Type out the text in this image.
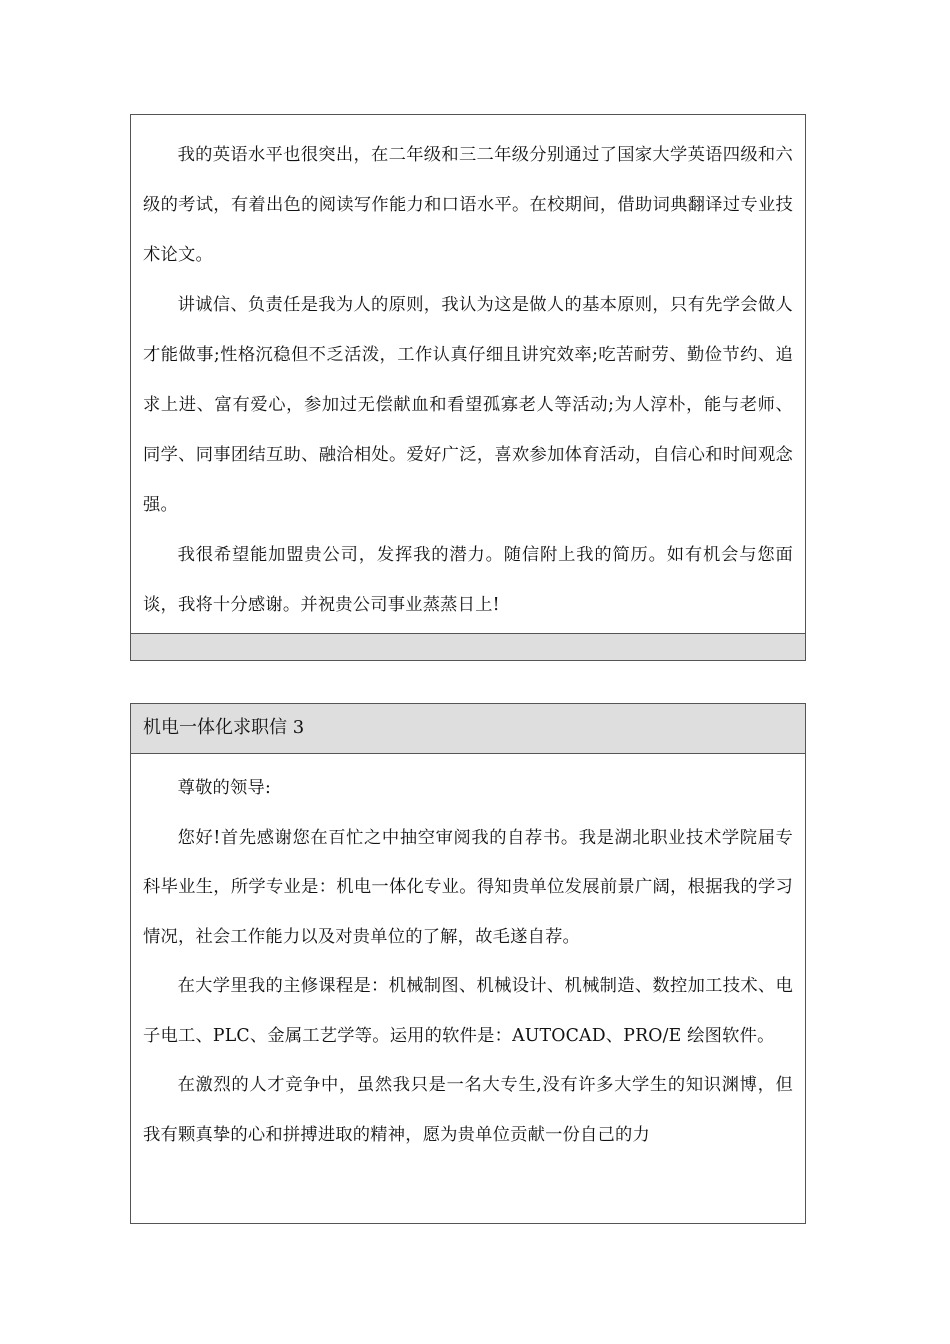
我的英语水平也很突出，在二年级和三二年级分别通过了国家大学英语四级和六级的考试，有着出色的阅读写作能力和口语水平。在校期间，借助词典翻译过专业技术论文。

讲诚信、负责任是我为人的原则，我认为这是做人的基本原则，只有先学会做人才能做事;性格沉稳但不乏活泼，工作认真仔细且讲究效率;吃苦耐劳、勤俭节约、追求上进、富有爱心，参加过无偿献血和看望孤寡老人等活动;为人淳朴，能与老师、同学、同事团结互助、融洽相处。爱好广泛，喜欢参加体育活动，自信心和时间观念强。

我很希望能加盟贵公司，发挥我的潜力。随信附上我的简历。如有机会与您面谈，我将十分感谢。并祝贵公司事业蒸蒸日上!

机电一体化求职信 3

尊敬的领导:

您好!首先感谢您在百忙之中抽空审阅我的自荐书。我是湖北职业技术学院届专科毕业生，所学专业是：机电一体化专业。得知贵单位发展前景广阔，根据我的学习情况，社会工作能力以及对贵单位的了解，故毛遂自荐。

在大学里我的主修课程是：机械制图、机械设计、机械制造、数控加工技术、电子电工、PLC、金属工艺学等。运用的软件是：AUTOCAD、PRO/E 绘图软件。

在激烈的人才竞争中，虽然我只是一名大专生,没有许多大学生的知识渊博，但我有颗真挚的心和拼搏进取的精神，愿为贵单位贡献一份自己的力
